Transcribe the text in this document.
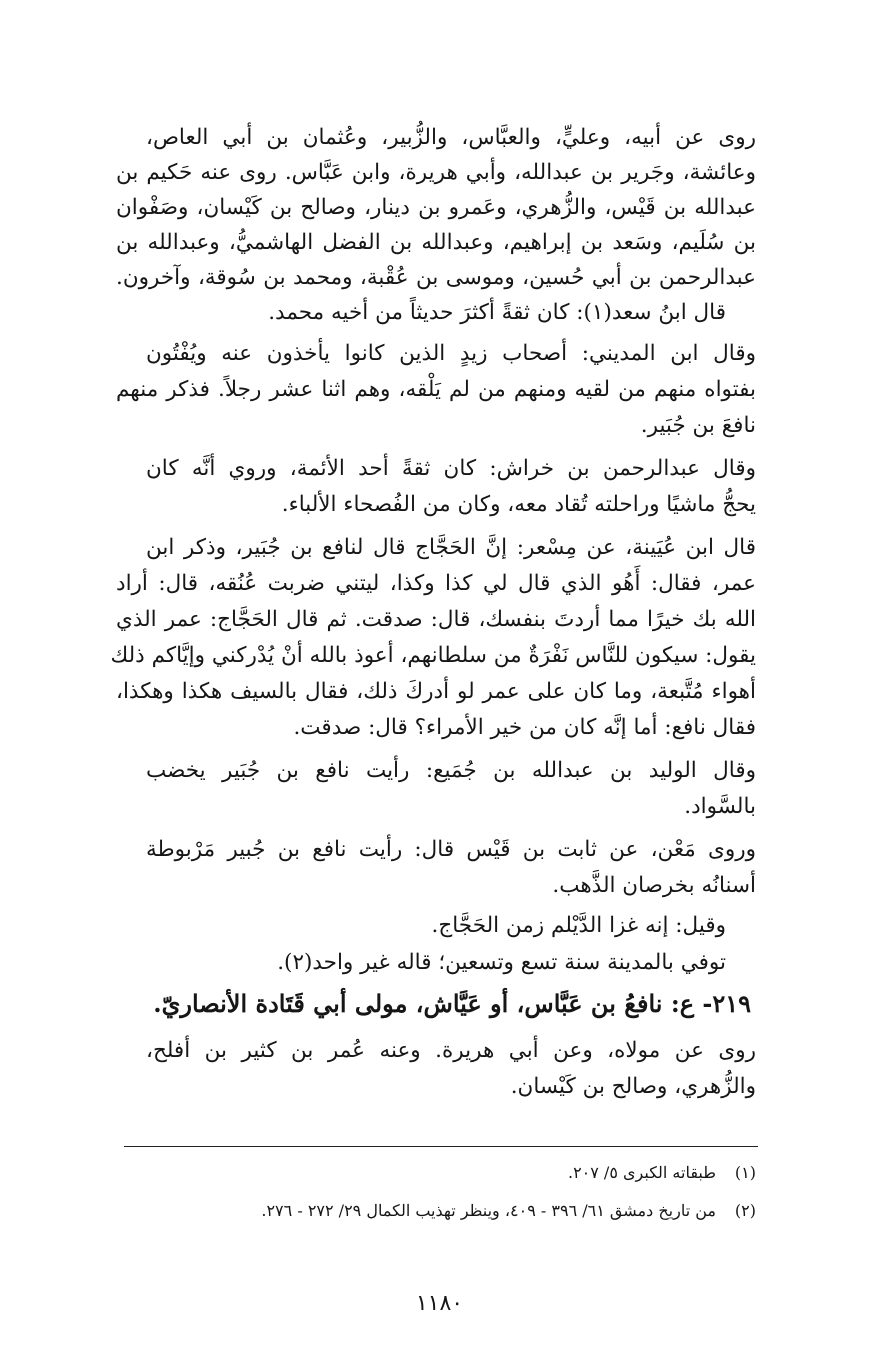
روى عن أبيه، وعليٍّ، والعبَّاس، والزُّبير، وعُثمان بن أبي العاص،
وعائشة، وجَرير بن عبدالله، وأبي هريرة، وابن عَبَّاس. روى عنه حَكيم بن
عبدالله بن قَيْس، والزُّهري، وعَمرو بن دينار، وصالح بن كَيْسان، وصَفْوان
بن سُلَيم، وسَعد بن إبراهيم، وعبدالله بن الفضل الهاشميُّ، وعبدالله بن
عبدالرحمن بن أبي حُسين، وموسى بن عُقْبة، ومحمد بن سُوقة، وآخرون.
قال ابنُ سعد(١): كان ثقةً أكثرَ حديثاً من أخيه محمد.
وقال ابن المديني: أصحاب زيدٍ الذين كانوا يأخذون عنه ويُفْتُون
بفتواه منهم من لقيه ومنهم من لم يَلْقه، وهم اثنا عشر رجلاً. فذكر منهم
نافعَ بن جُبَير.
وقال عبدالرحمن بن خراش: كان ثقةً أحد الأئمة، وروي أنَّه كان
يحجُّ ماشيًا وراحلته تُقاد معه، وكان من الفُصحاء الألباء.
قال ابن عُيَينة، عن مِسْعر: إنَّ الحَجَّاج قال لنافع بن جُبَير، وذكر ابن
عمر، فقال: أَهُو الذي قال لي كذا وكذا، ليتني ضربت عُنُقه، قال: أراد
الله بك خيرًا مما أردتَ بنفسك، قال: صدقت. ثم قال الحَجَّاج: عمر الذي
يقول: سيكون للنَّاس نَفْرَةٌ من سلطانهم، أعوذ بالله أنْ يُدْركني وإيَّاكم ذلك
أهواء مُتَّبعة، وما كان على عمر لو أدركَ ذلك، فقال بالسيف هكذا وهكذا،
فقال نافع: أما إنَّه كان من خير الأمراء؟ قال: صدقت.
وقال الوليد بن عبدالله بن جُمَيع: رأيت نافع بن جُبَير يخضب
بالسَّواد.
وروى مَعْن، عن ثابت بن قَيْس قال: رأيت نافع بن جُبير مَرْبوطة
أسنانُه بخرصان الذَّهب.
وقيل: إنه غزا الدَّيْلم زمن الحَجَّاج.
توفي بالمدينة سنة تسع وتسعين؛ قاله غير واحد(٢).
٢١٩- ع: نافعُ بن عَبَّاس، أو عَيَّاش، مولى أبي قَتَادة الأنصاريّ.
روى عن مولاه، وعن أبي هريرة. وعنه عُمر بن كثير بن أفلح،
والزُّهري، وصالح بن كَيْسان.
(١)طبقاته الكبرى ٥/ ٢٠٧.
(٢)من تاريخ دمشق ٦١/ ٣٩٦ - ٤٠٩، وينظر تهذيب الكمال ٢٩/ ٢٧٢ - ٢٧٦.
١١٨٠
